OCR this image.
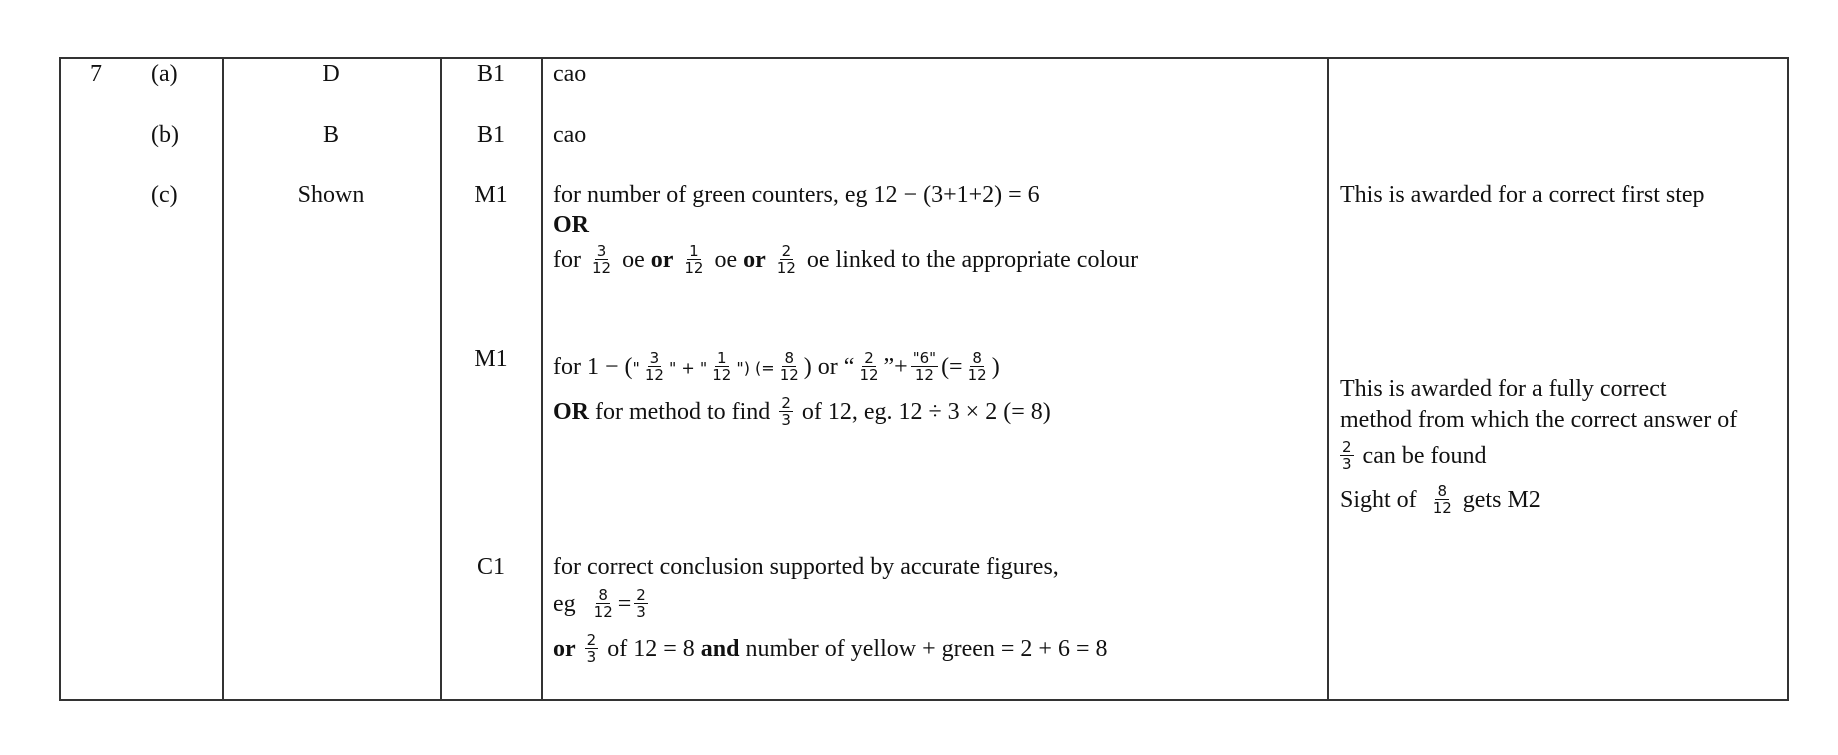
7 (a)
(b)
(c)
D
B
Shown
B1
B1
M1
M1
C1
cao
cao
for number of green counters, eg 12 − (3+1+2) = 6
OR
for $\frac{3}{12}$ oe or $\frac{1}{12}$ oe or $\frac{2}{12}$ oe linked to the appropriate colour
for 1 − (" $\frac{3}{12}$ " + " $\frac{1}{12}$ ") (= $\frac{8}{12}$ ) or “ $\frac{2}{12}$ ”+ $\frac{"6"}{12}$ (= $\frac{8}{12}$ )
OR for method to find $\frac{2}{3}$ of 12, eg. 12 ÷ 3 × 2 (= 8)
for correct conclusion supported by accurate figures,
eg $\frac{8}{12} = \frac{2}{3}$
or $\frac{2}{3}$ of 12 = 8 and number of yellow + green = 2 + 6 = 8
This is awarded for a correct first step
This is awarded for a fully correct
method from which the correct answer of
$\frac{2}{3}$ can be found
Sight of $\frac{8}{12}$ gets M2
